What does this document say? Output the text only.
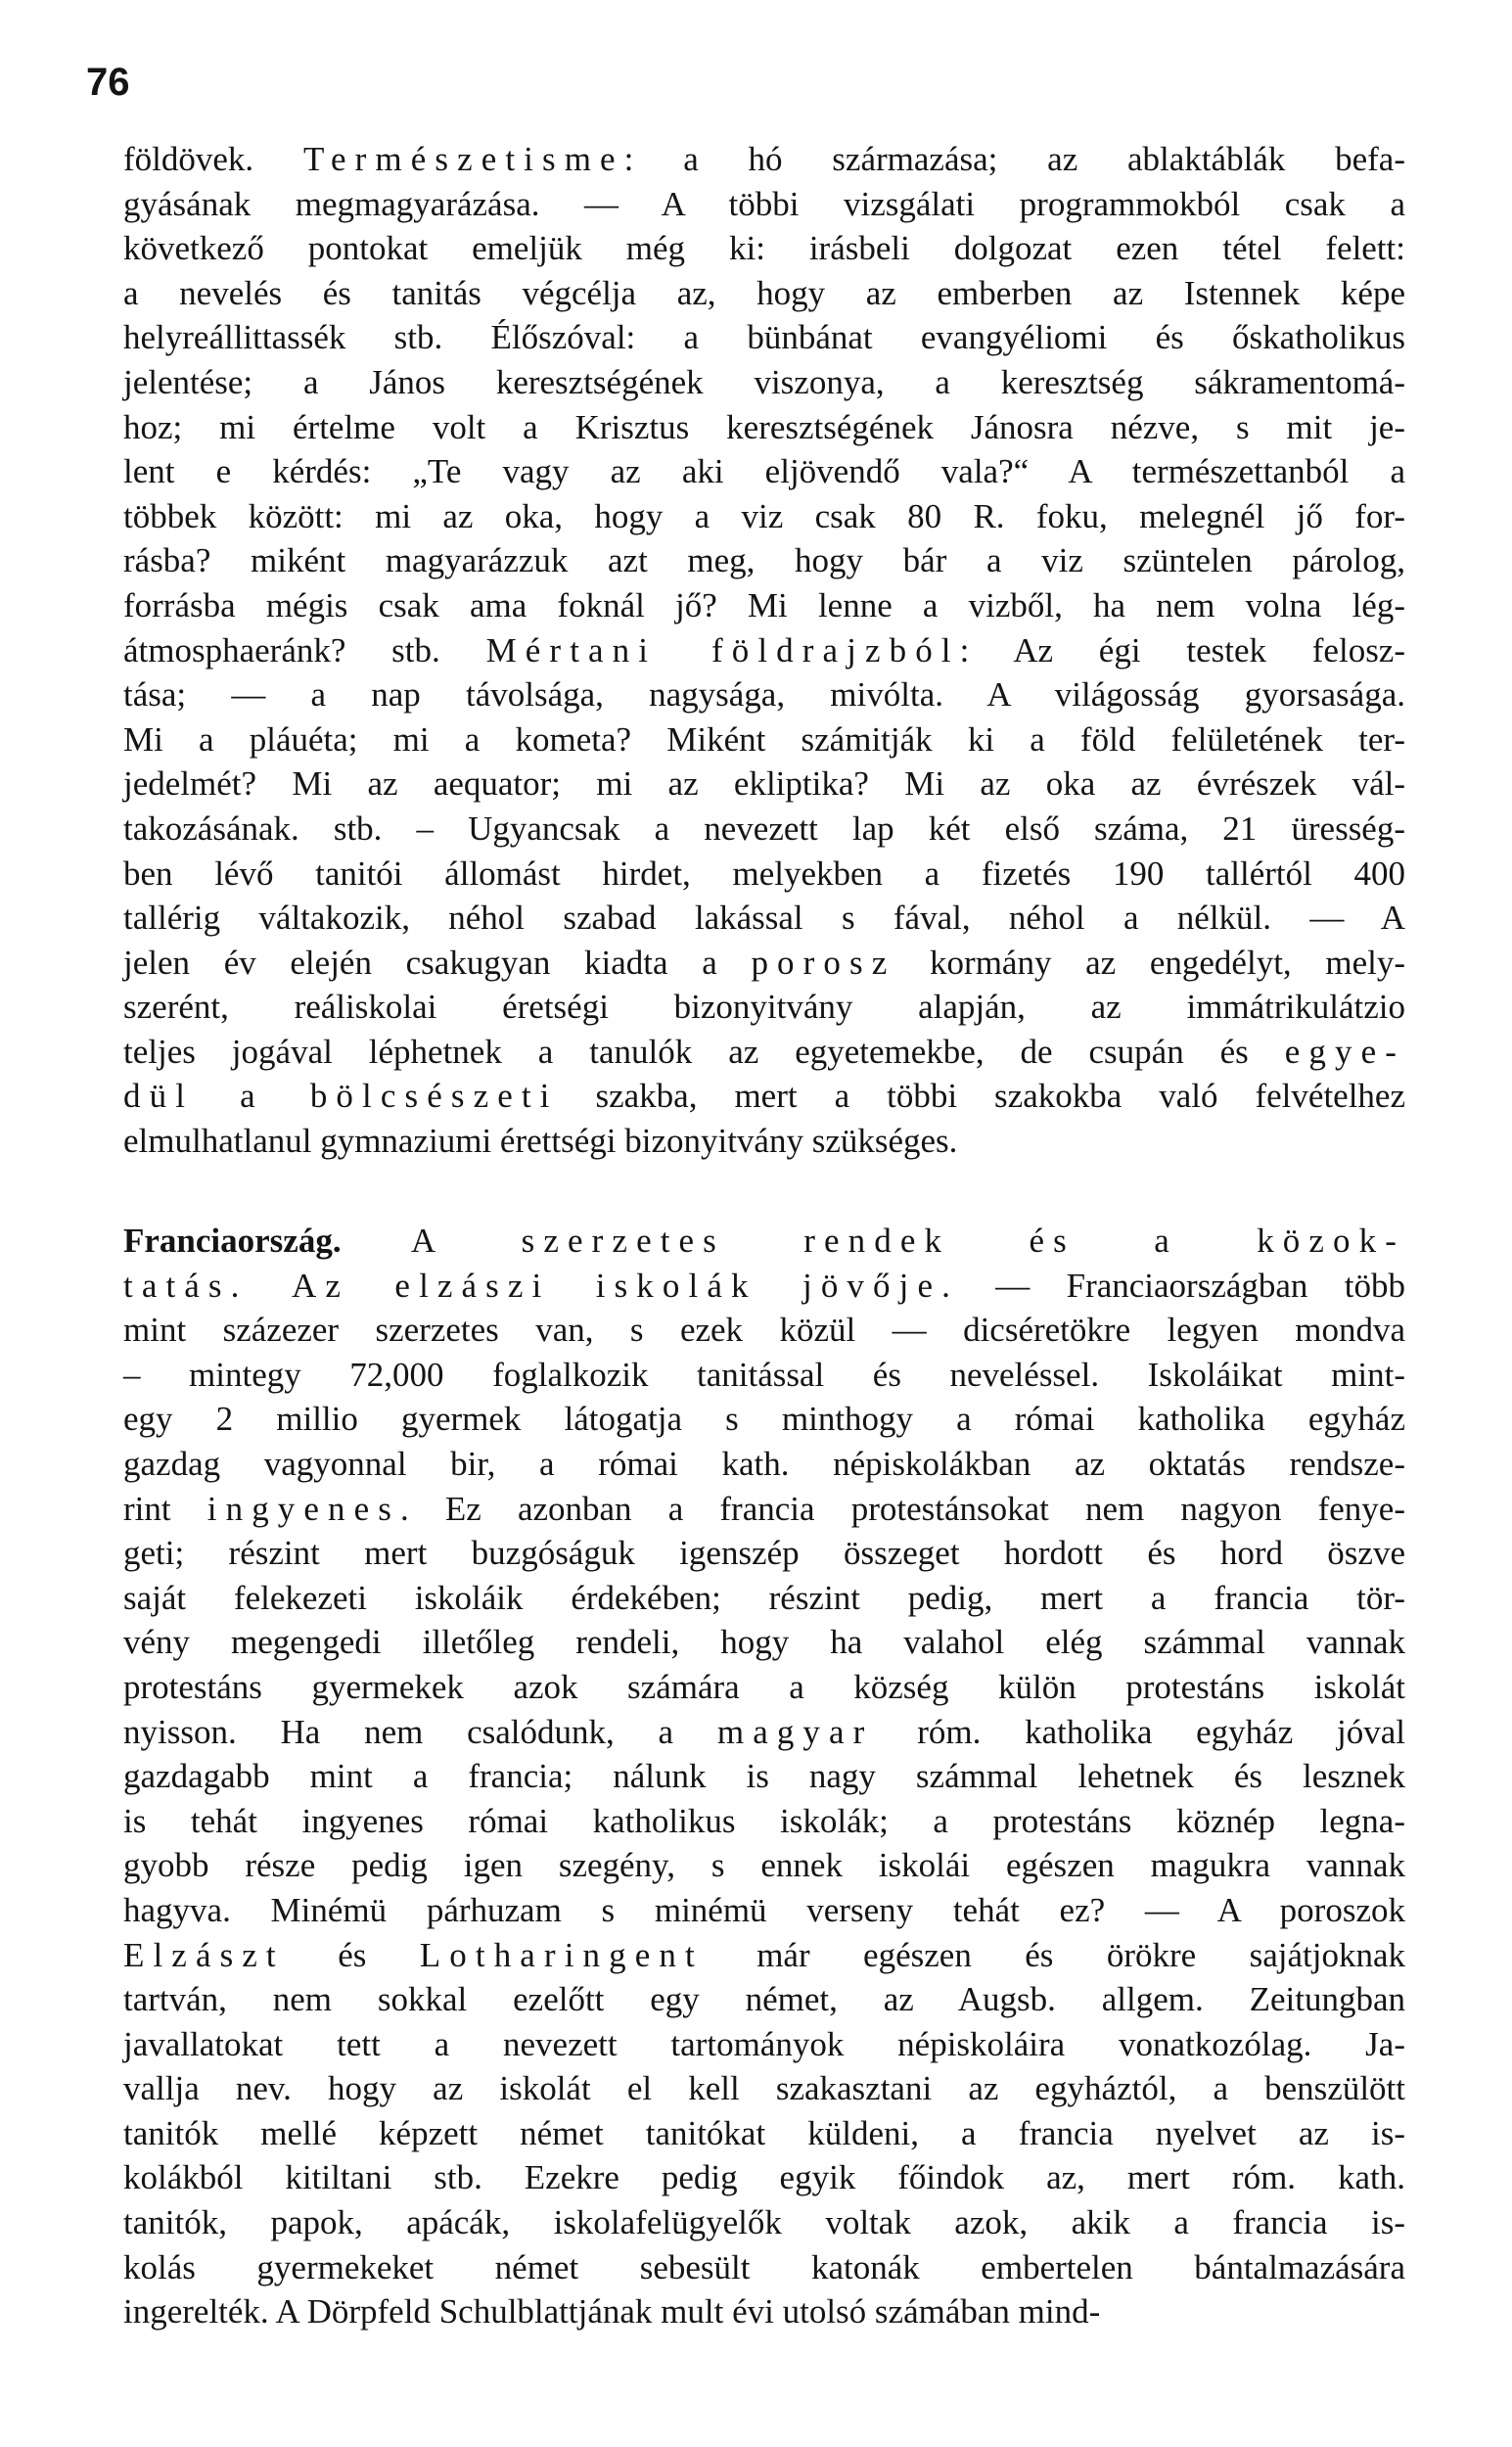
76
földövek. Természetisme: a hó származása; az ablaktáblák befa-
gyásának megmagyarázása. — A többi vizsgálati programmokból csak a
következő pontokat emeljük még ki: irásbeli dolgozat ezen tétel felett:
a nevelés és tanitás végcélja az, hogy az emberben az Istennek képe
helyreállittassék stb. Élőszóval: a bünbánat evangyéliomi és őskatholikus
jelentése; a János keresztségének viszonya, a keresztség sákramentomá-
hoz; mi értelme volt a Krisztus keresztségének Jánosra nézve, s mit je-
lent e kérdés: „Te vagy az aki eljövendő vala?“ A természettanból a
többek között: mi az oka, hogy a viz csak 80 R. foku, melegnél jő for-
rásba? miként magyarázzuk azt meg, hogy bár a viz szüntelen párolog,
forrásba mégis csak ama foknál jő? Mi lenne a vizből, ha nem volna lég-
átmosphaeránk? stb. Mértani földrajzból: Az égi testek felosz-
tása; — a nap távolsága, nagysága, mivólta. A világosság gyorsasága.
Mi a pláuéta; mi a kometa? Miként számitják ki a föld felületének ter-
jedelmét? Mi az aequator; mi az ekliptika? Mi az oka az évrészek vál-
takozásának. stb. – Ugyancsak a nevezett lap két első száma, 21 üresség-
ben lévő tanitói állomást hirdet, melyekben a fizetés 190 tallértól 400
tallérig váltakozik, néhol szabad lakással s fával, néhol a nélkül. — A
jelen év elején csakugyan kiadta a porosz kormány az engedélyt, mely-
szerént, reáliskolai éretségi bizonyitvány alapján, az immátrikulátzio
teljes jogával léphetnek a tanulók az egyetemekbe, de csupán és egye-
dül a bölcsészeti szakba, mert a többi szakokba való felvételhez
elmulhatlanul gymnaziumi érettségi bizonyitvány szükséges.
Franciaország. A szerzetes rendek és a közok-
tatás. Az elzászi iskolák jövője. — Franciaországban több
mint százezer szerzetes van, s ezek közül — dicséretökre legyen mondva
– mintegy 72,000 foglalkozik tanitással és neveléssel. Iskoláikat mint-
egy 2 millio gyermek látogatja s minthogy a római katholika egyház
gazdag vagyonnal bir, a római kath. népiskolákban az oktatás rendsze-
rint ingyenes. Ez azonban a francia protestánsokat nem nagyon fenye-
geti; részint mert buzgóságuk igenszép összeget hordott és hord öszve
saját felekezeti iskoláik érdekében; részint pedig, mert a francia tör-
vény megengedi illetőleg rendeli, hogy ha valahol elég számmal vannak
protestáns gyermekek azok számára a község külön protestáns iskolát
nyisson. Ha nem csalódunk, a magyar róm. katholika egyház jóval
gazdagabb mint a francia; nálunk is nagy számmal lehetnek és lesznek
is tehát ingyenes római katholikus iskolák; a protestáns köznép legna-
gyobb része pedig igen szegény, s ennek iskolái egészen magukra vannak
hagyva. Minémü párhuzam s minémü verseny tehát ez? — A poroszok
Elzászt és Lotharingent már egészen és örökre sajátjoknak
tartván, nem sokkal ezelőtt egy német, az Augsb. allgem. Zeitungban
javallatokat tett a nevezett tartományok népiskoláira vonatkozólag. Ja-
vallja nev. hogy az iskolát el kell szakasztani az egyháztól, a benszülött
tanitók mellé képzett német tanitókat küldeni, a francia nyelvet az is-
kolákból kitiltani stb. Ezekre pedig egyik főindok az, mert róm. kath.
tanitók, papok, apácák, iskolafelügyelők voltak azok, akik a francia is-
kolás gyermekeket német sebesült katonák embertelen bántalmazására
ingerelték. A Dörpfeld Schulblattjának mult évi utolsó számában mind-
